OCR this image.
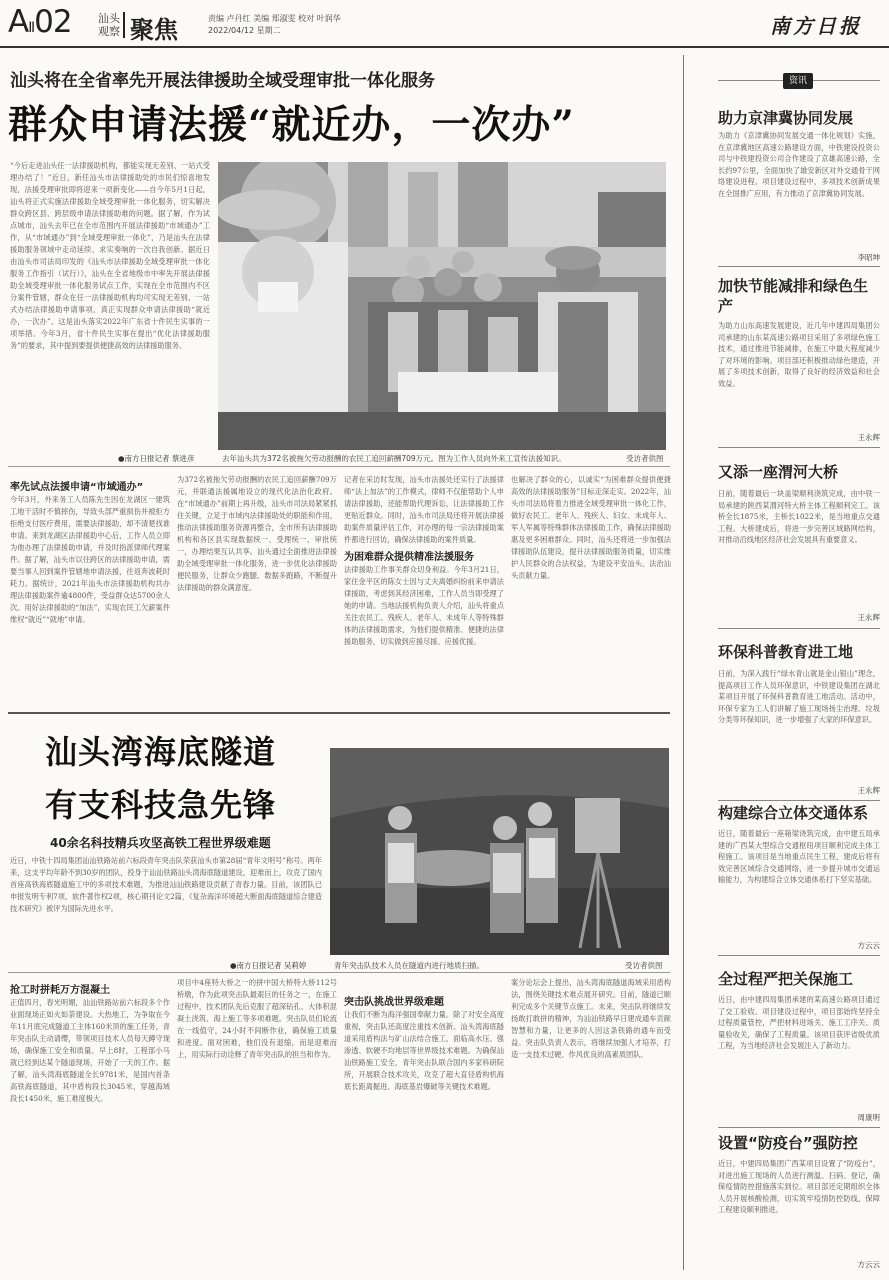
AⅡ02 汕头
观察 聚焦	责编 卢丹红 美编 郑淑雯 校对 叶润华
2022/04/12 星期二	南方日报
汕头将在全省率先开展法律援助全域受理审批一体化服务
群众申请法援“就近办，一次办”
“今后走进汕头任一法律援助机构，都能实现无差别、一站式受理办结了！”近日，新任汕头市法律援助处的市民们惊喜地发现，法援受理审批即将迎来一项新变化——自今年5月1日起，汕头将正式实施法律援助全域受理审批一体化服务，切实解决群众跨区县、跨层级申请法律援助难的问题。据了解，作为试点城市，汕头去年已在全市范围内开展法律援助“市域通办”工作，从“市域通办”到“全域受理审批一体化”，乃是汕头在法律援助服务领域中走动延续、求实奏响的一次自我创新。据近日由汕头市司法局印发的《汕头市法律援助全域受理审批一体化服务工作指引（试行）》，汕头在全省地级市中率先开展法律援助全域受理审批一体化服务试点工作，实现在全市范围内不区分案件管辖，群众在任一法律援助机构均可实现无差别、一站式办结法律援助申请事项，真正实现群众申请法律援助“就近办，一次办”。这是汕头落实2022年广东省十件民生实事的一项举措。今年3月，省十件民生实事在提出“优化法律援助服务”的要求，其中提到要提供便捷高效的法律援助服务。
●南方日报记者 蔡进彦	去年汕头共为372名被拖欠劳动报酬的农民工追回薪酬709万元。图为工作人员向外来工宣传法援知识。	受访者供图
率先试点法援申请“市域通办”
今年3月，外来务工人员陈先生因在龙湖区一建筑工地干活时不慎摔伤，导致头部严重损伤并被拒方拒绝支付医疗费用，需要法律援助，却不清楚找谁申请。来到龙湖区法律援助中心后，工作人员立即为他办理了法律援助申请，并及时指派律师代理案件。据了解，汕头市以往跨区的法律援助申请，需要当事人回到案件管辖地申请法援，往返奔波耗时耗力。据统计，2021年汕头市法律援助机构共办理法律援助案件逾4800件，受益群众达5700余人次。用好法律援助的“加法”，实现农民工欠薪案件维权“就近”“就地”申请。
为372名被拖欠劳动报酬的农民工追回薪酬709万元，并联通法援属地设立的现代化法治化政府。在“市域通办”前期上再升级，汕头市司法局紧紧抓住关键，立足于市域内法律援助处的职能和作用，推动法律援助服务资源再整合，全市所有法律援助机构和各区县实现数据统一、受理统一、审批统一，办理结果互认共享。汕头通过全面推进法律援助全域受理审批一体化服务，进一步优化法律援助便民服务，让群众少跑腿、数据多跑路，不断提升法律援助的群众满意度。
记者在采访时发现，汕头市法援处还实行了法援律师“法上加法”的工作模式，律师不仅能帮助个人申请法律援助，还能帮助代理诉讼，让法律援助工作更贴近群众。同时，汕头市司法局还将开展法律援助案件质量评估工作，对办理的每一宗法律援助案件都进行回访，确保法律援助的案件质量。
为困难群众提供精准法援服务
法律援助工作事关群众切身利益。今年3月21日，家住金平区的陈女士因与丈夫离婚纠纷前来申请法律援助，考虑到其经济困难，工作人员当即受理了她的申请。当地法援机构负责人介绍，汕头将重点关注农民工、残疾人、老年人、未成年人等特殊群体的法律援助需求，为他们提供精准、便捷的法律援助服务，切实做到应援尽援、应援优援。
也解决了群众的心，以诚实“为困难群众提供便捷高效的法律援助服务”目标走深走实。2022年，汕头市司法局将着力推进全域受理审批一体化工作，做好农民工、老年人、残疾人、妇女、未成年人、军人军属等特殊群体法律援助工作，确保法律援助惠及更多困难群众。同时，汕头还将进一步加强法律援助队伍建设，提升法律援助服务质量，切实维护人民群众的合法权益，为建设平安汕头、法治汕头贡献力量。
汕头湾海底隧道
有支科技急先锋
40余名科技精兵攻坚高铁工程世界级难题
近日，中铁十四局集团汕汕铁路站前六标段青年突击队荣获汕头市第28届“青年文明号”称号。两年来，这支平均年龄不到30岁的团队，投身于汕汕铁路汕头湾海底隧道建设，迎难而上，攻克了国内首座高铁海底隧道施工中的多项技术难题，为推进汕汕铁路建设贡献了青春力量。目前，该团队已申报发明专利7项、软件著作权2项，核心期刊论文2篇，《复杂海洋环境超大断面海底隧道综合建造技术研究》被评为国际先进水平。
●南方日报记者 吴莉婷	青年突击队技术人员在隧道内进行地质扫描。	受访者供图
抢工时拼耗万方混凝土
正值四月，春光明媚，汕汕铁路站前六标段多个作业面现场正如火如荼建设。大热地工，为争取在今年11月底完成隧道工主体160米顶的施工任务，青年突击队主动请缨，带领项目技术人员每天蹲守现场，确保施工安全和质量。早上8时，工程部小马就已经到达某个隧道现场，开始了一天的工作。据了解，汕头湾海底隧道全长9781米，是国内首条高铁海底隧道，其中盾构段长3045米，穿越海域段长1450米，施工难度极大。
项目中4座特大桥之一的拼中国大桥特大桥112号桥墩，作为此项突击队最艰巨的任务之一，在施工过程中，技术团队先后克服了超深钻孔、大体积混凝土浇筑、海上施工等多项难题。突击队员们轮流在一线值守，24小时不间断作业，确保施工质量和进度。面对困难，他们没有退缩，而是迎难而上，用实际行动诠释了青年突击队的担当和作为。
突击队挑战世界级难题
让我们不断为海洋强国奉献力量。除了对安全高度重视，突击队还高度注重技术创新。汕头湾海底隧道采用盾构法与矿山法结合施工，面临高水压、强渗透、软硬不均地层等世界级技术难题。为确保汕汕铁路施工安全，青年突击队联合国内多家科研院所，开展联合技术攻关，攻克了超大直径盾构机海底长距离掘进、海底基岩爆破等关键技术难题。
案分论坛会上提出，汕头湾海底隧道海域采用盾构法，围绕关键技术难点展开研究。目前，隧道已顺利完成多个关键节点施工。未来，突击队将继续发扬敢打敢拼的精神，为汕汕铁路早日建成通车贡献智慧和力量，让更多的人因这条铁路的通车而受益。突击队负责人表示，将继续加强人才培养，打造一支技术过硬、作风优良的高素质团队。
资讯
助力京津冀协同发展
为助力《京津冀协同发展交通一体化规划》实施，在京津冀地区高速公路建设方面，中铁建设投资公司与中铁建投资公司合作建设了京雄高速公路，全长约97公里，全面加快了雄安新区对外交通骨干网络建设进程。项目建设过程中，多项技术创新成果在全国推广应用，有力推动了京津冀协同发展。
李昭坤
加快节能减排和绿色生产
为助力山东高速发展建设，近几年中建四局集团公司承建的山东某高速公路项目采用了多项绿色施工技术，通过推进节能减排，在施工中最大程度减少了对环境的影响。项目部还积极推动绿色建造，开展了多项技术创新，取得了良好的经济效益和社会效益。
王永辉
又添一座渭河大桥
日前，随着最后一块盖梁顺利浇筑完成，由中铁一局承建的陕西某渭河特大桥主体工程顺利完工。该桥全长1875米，主桥长1022米，是当地重点交通工程。大桥建成后，将进一步完善区域路网结构，对推动沿线地区经济社会发展具有重要意义。
王永辉
环保科普教育进工地
日前，为深入践行“绿水青山就是金山银山”理念，提高项目工作人员环保意识，中铁建设集团在湖北某项目开展了环保科普教育进工地活动。活动中，环保专家为工人们讲解了施工现场扬尘治理、垃圾分类等环保知识，进一步增强了大家的环保意识。
王永辉
构建综合立体交通体系
近日，随着最后一座箱梁浇筑完成，由中建五局承建的广西某大型综合交通枢纽项目顺利完成主体工程施工。该项目是当地重点民生工程，建成后将有效完善区域综合交通网络，进一步提升城市交通运输能力，为构建综合立体交通体系打下坚实基础。
方云云
全过程严把关保施工
近日，由中建四局集团承建的某高速公路项目通过了交工验收。项目建设过程中，项目部始终坚持全过程质量管控，严把材料进场关、施工工序关、质量验收关，确保了工程质量。该项目获评省级优质工程，为当地经济社会发展注入了新动力。
周康明
设置“防疫台”强防控
近日，中建四局集团广西某项目设置了“防疫台”，对进出施工现场的人员进行测温、扫码、登记，确保疫情防控措施落实到位。项目部还定期组织全体人员开展核酸检测，切实筑牢疫情防控防线，保障工程建设顺利推进。
方云云
